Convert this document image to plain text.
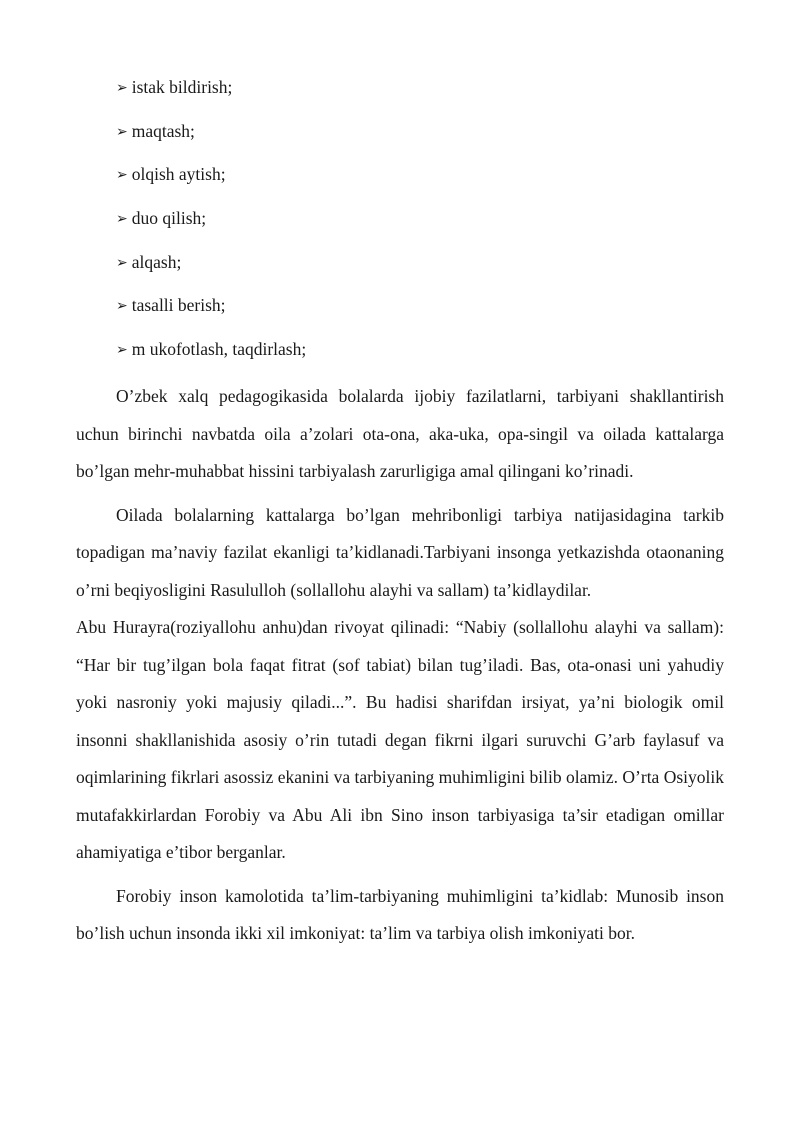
➢ istak bildirish;
➢ maqtash;
➢ olqish aytish;
➢ duo qilish;
➢ alqash;
➢ tasalli berish;
➢ m ukofotlash, taqdirlash;

O’zbek xalq pedagogikasida bolalarda ijobiy fazilatlarni, tarbiyani shakllantirish uchun birinchi navbatda oila a’zolari ota-ona, aka-uka, opa-singil va oilada kattalarga bo’lgan mehr-muhabbat hissini tarbiyalash zarurligiga amal qilingani ko’rinadi.

Oilada bolalarning kattalarga bo’lgan mehribonligi tarbiya natijasidagina tarkib topadigan ma’naviy fazilat ekanligi ta’kidlanadi.Tarbiyani insonga yetkazishda otaonaning o’rni beqiyosligini Rasululloh (sollallohu alayhi va sallam) ta’kidlaydilar.

Abu Hurayra(roziyallohu anhu)dan rivoyat qilinadi: “Nabiy (sollallohu alayhi va sallam): “Har bir tug’ilgan bola faqat fitrat (sof tabiat) bilan tug’iladi. Bas, ota-onasi uni yahudiy yoki nasroniy yoki majusiy qiladi...”. Bu hadisi sharifdan irsiyat, ya’ni biologik omil insonni shakllanishida asosiy o’rin tutadi degan fikrni ilgari suruvchi G’arb faylasuf va oqimlarining fikrlari asossiz ekanini va tarbiyaning muhimligini bilib olamiz. O’rta Osiyolik mutafakkirlardan Forobiy va Abu Ali ibn Sino inson tarbiyasiga ta’sir etadigan omillar ahamiyatiga e’tibor berganlar.

Forobiy inson kamolotida ta’lim-tarbiyaning muhimligini ta’kidlab: Munosib inson bo’lish uchun insonda ikki xil imkoniyat: ta’lim va tarbiya olish imkoniyati bor.
